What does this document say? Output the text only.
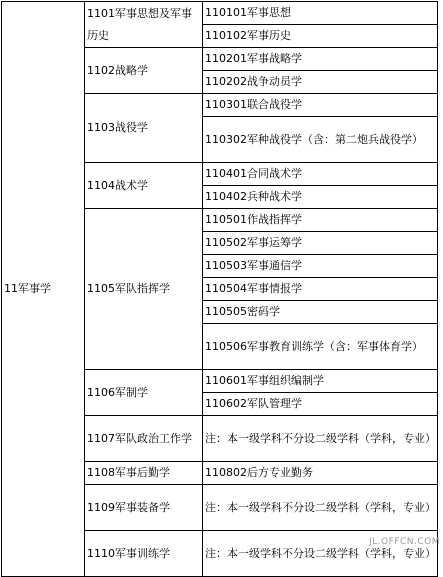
11军事学	1101军事思想及军事历史	110101军事思想
		110102军事历史
	1102战略学	110201军事战略学
		110202战争动员学
	1103战役学	110301联合战役学
		110302军种战役学（含：第二炮兵战役学）
	1104战术学	110401合同战术学
		110402兵种战术学
	1105军队指挥学	110501作战指挥学
		110502军事运筹学
		110503军事通信学
		110504军事情报学
		110505密码学
		110506军事教育训练学（含：军事体育学）
	1106军制学	110601军事组织编制学
		110602军队管理学
	1107军队政治工作学	注：本一级学科不分设二级学科（学科，专业）
	1108军事后勤学	110802后方专业勤务
	1109军事装备学	注：本一级学科不分设二级学科（学科，专业）
	1110军事训练学	注：本一级学科不分设二级学科（学科，专业）
JL.OFFCN.COM
